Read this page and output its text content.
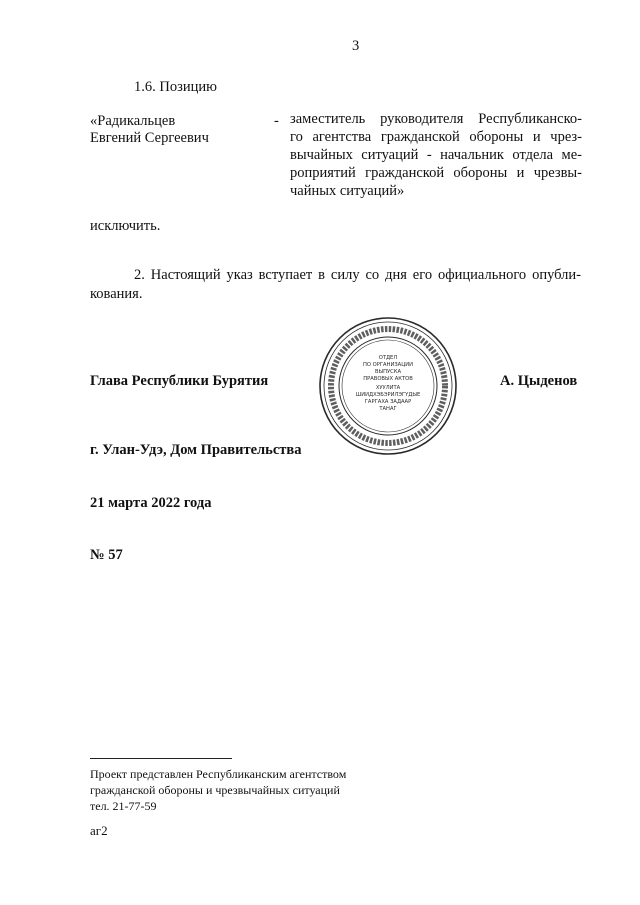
3
1.6. Позицию
«Радикальцев
Евгений Сергеевич
- заместитель руководителя Республиканско-
го агентства гражданской обороны и чрез-
вычайных ситуаций - начальник отдела ме-
роприятий гражданской обороны и чрезвы-
чайных ситуаций»
исключить.
2. Настоящий указ вступает в силу со дня его официального опубли-
кования.
ОТДЕЛ
ПО ОРГАНИЗАЦИИ
ВЫПУСКА
ПРАВОВЫХ АКТОВ
ХУУЛИТА
ШИИДХЭБЭРИЛЭГҮДЫЕ
ГАРГАХА ЗАДААР
ТАНАГ
Глава Республики Бурятия	А. Цыденов
г. Улан-Удэ, Дом Правительства
21 марта 2022 года
№ 57
Проект представлен Республиканским агентством
гражданской обороны и чрезвычайных ситуаций
тел. 21-77-59
аг2
